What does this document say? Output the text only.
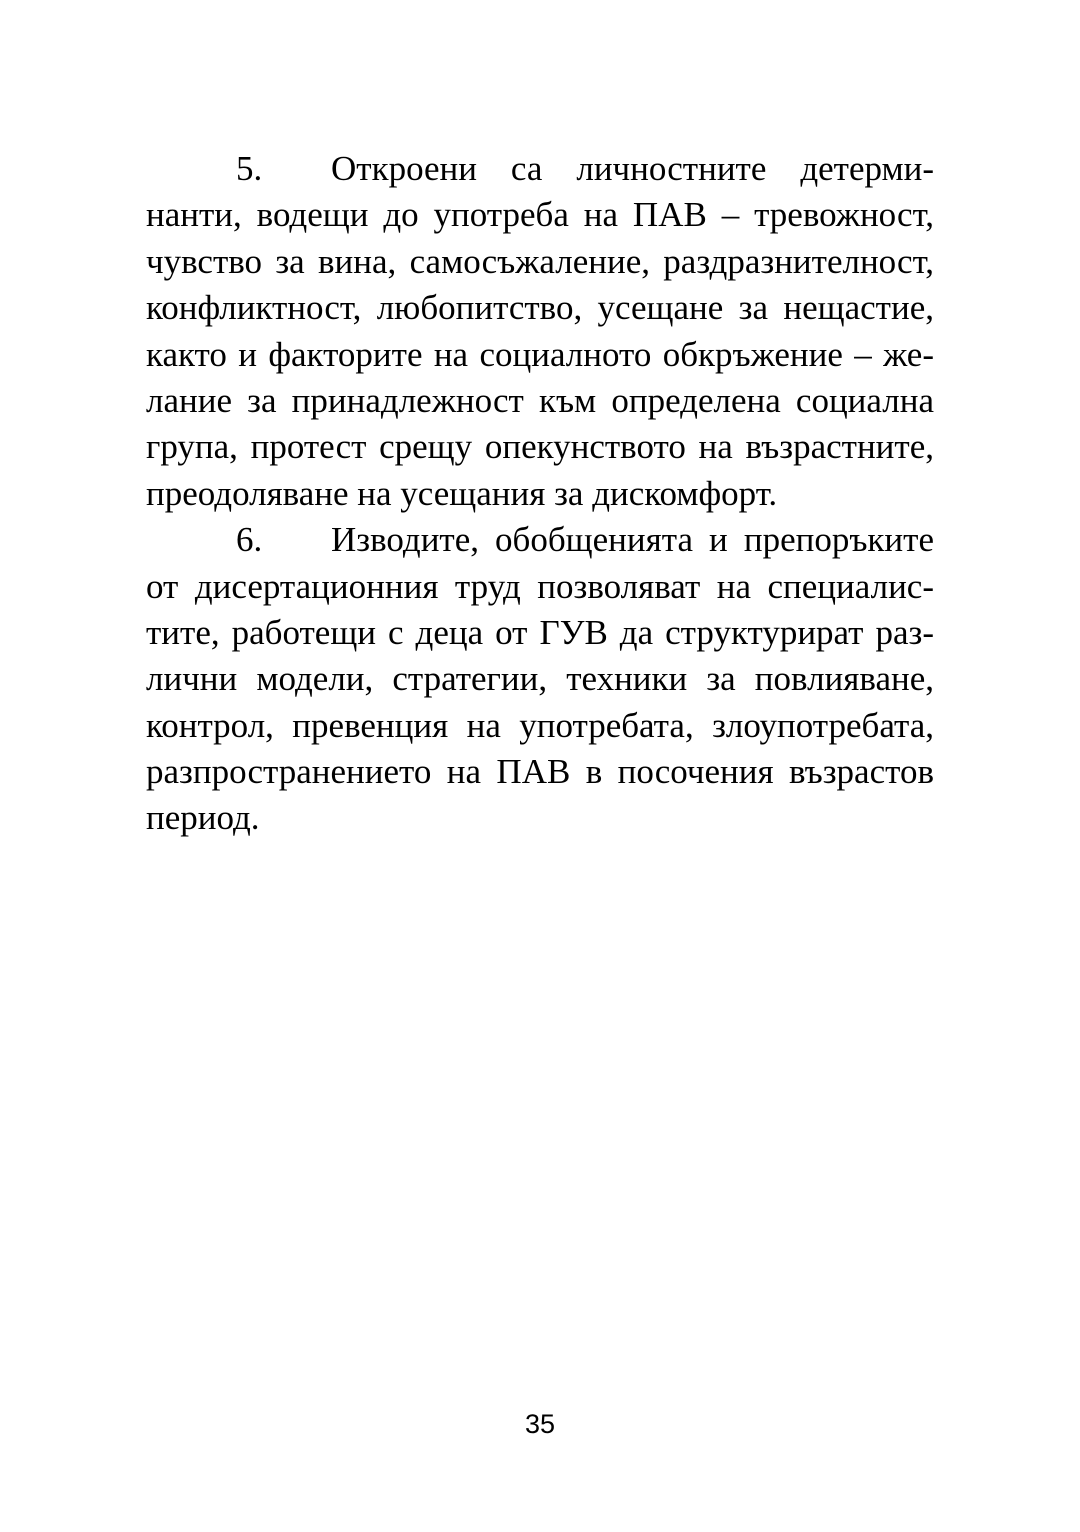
5.	Откроени са личностните детерми-
нанти, водещи до употреба на ПАВ – тревожност,
чувство за вина, самосъжаление, раздразнителност,
конфликтност, любопитство, усещане за нещастие,
както и факторите на социалното обкръжение – же-
лание за принадлежност към определена социална
група, протест срещу опекунството на възрастните,
преодоляване на усещания за дискомфорт.
6.	Изводите, обобщенията и препоръките
от дисертационния труд позволяват на специалис-
тите, работещи с деца от ГУВ да структурират раз-
лични модели, стратегии, техники за повлияване,
контрол, превенция на употребата, злоупотребата,
разпространението на ПАВ в посочения възрастов
период.
35
